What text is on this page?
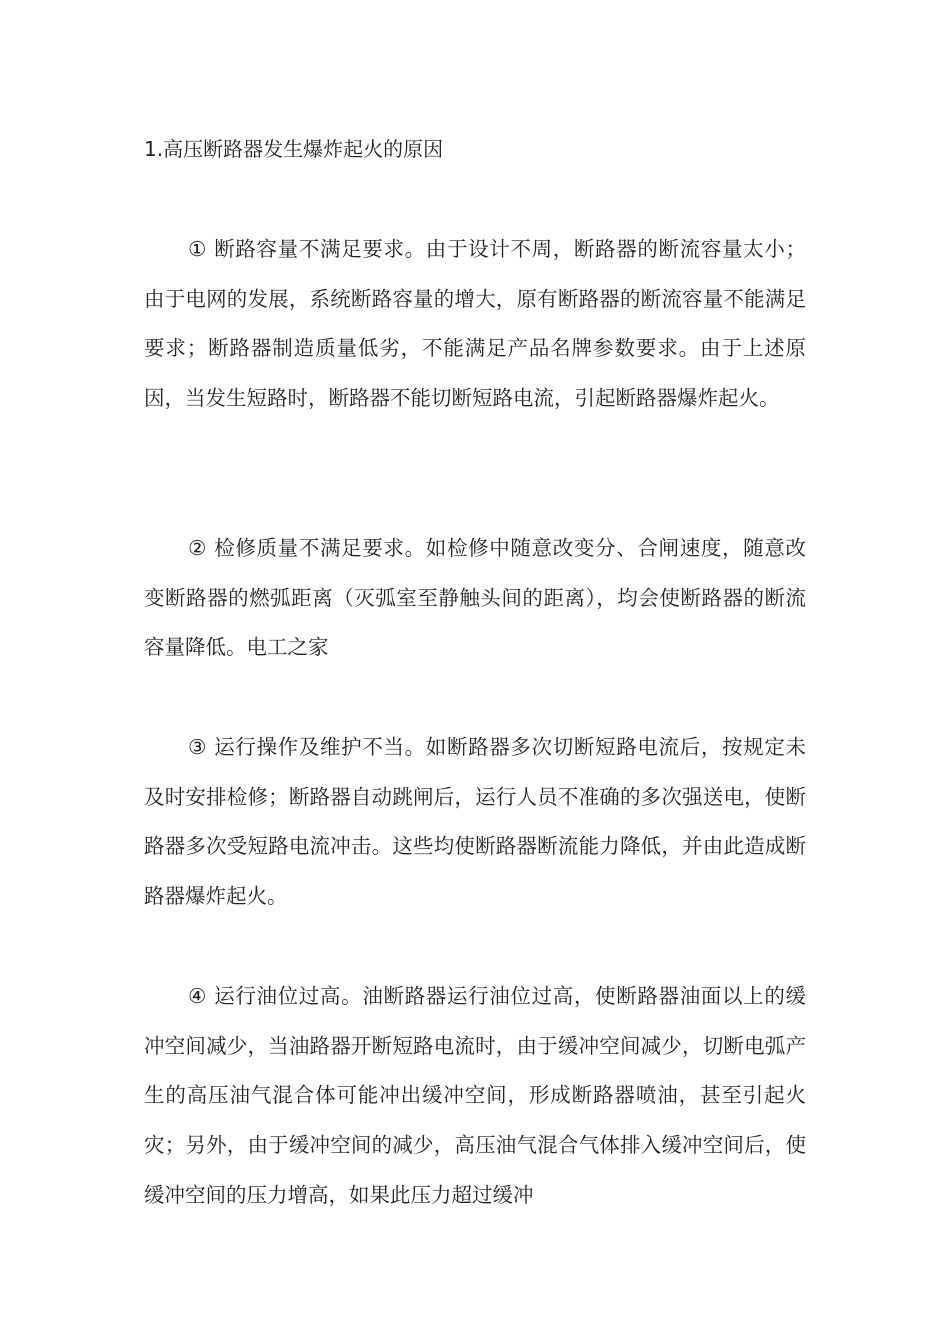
1.高压断路器发生爆炸起火的原因

① 断路容量不满足要求。由于设计不周，断路器的断流容量太小；由于电网的发展，系统断路容量的增大，原有断路器的断流容量不能满足要求；断路器制造质量低劣，不能满足产品名牌参数要求。由于上述原因，当发生短路时，断路器不能切断短路电流，引起断路器爆炸起火。

② 检修质量不满足要求。如检修中随意改变分、合闸速度，随意改变断路器的燃弧距离（灭弧室至静触头间的距离），均会使断路器的断流容量降低。电工之家

③ 运行操作及维护不当。如断路器多次切断短路电流后，按规定未及时安排检修；断路器自动跳闸后，运行人员不准确的多次强送电，使断路器多次受短路电流冲击。这些均使断路器断流能力降低，并由此造成断路器爆炸起火。

④ 运行油位过高。油断路器运行油位过高，使断路器油面以上的缓冲空间减少，当油路器开断短路电流时，由于缓冲空间减少，切断电弧产生的高压油气混合体可能冲出缓冲空间，形成断路器喷油，甚至引起火灾；另外，由于缓冲空间的减少，高压油气混合气体排入缓冲空间后，使缓冲空间的压力增高，如果此压力超过缓冲
